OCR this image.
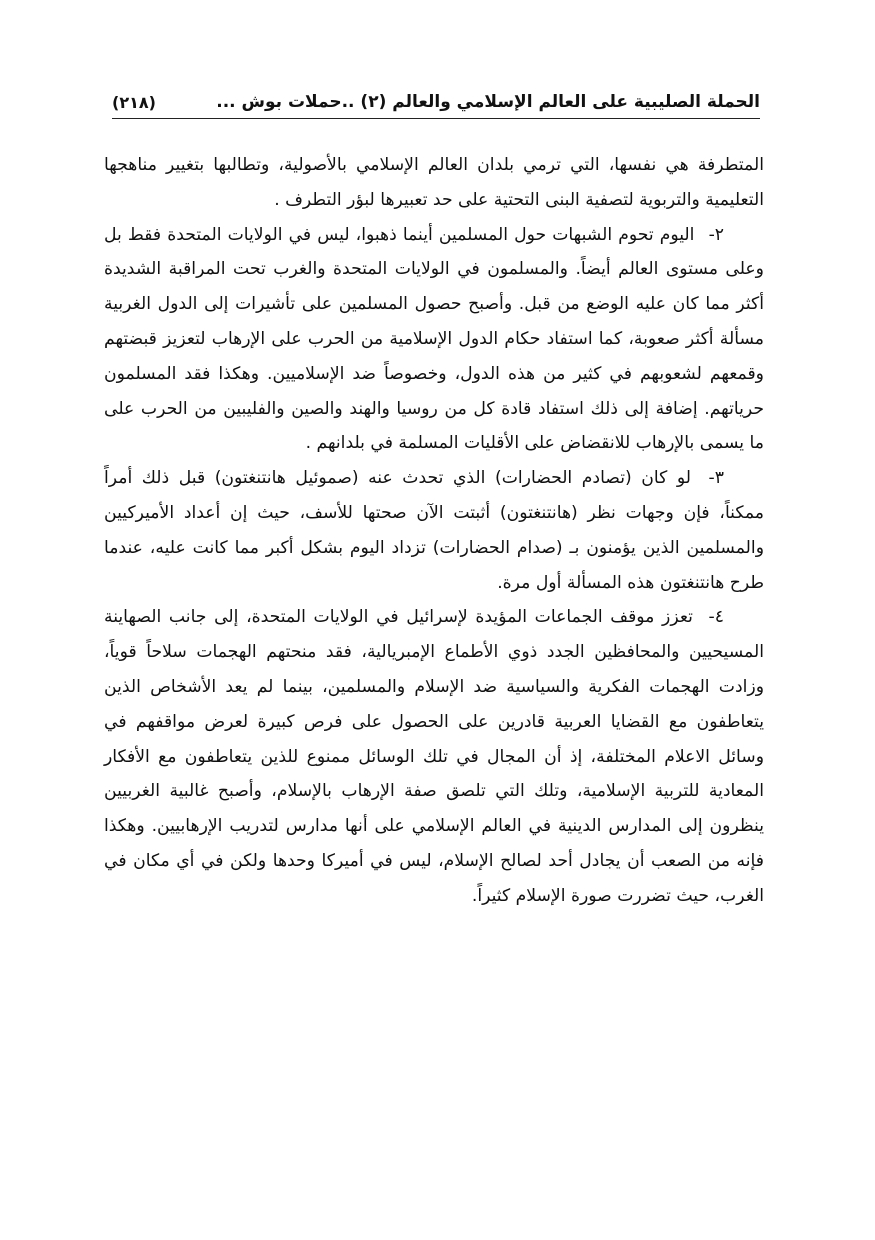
الحملة الصليبية على العالم الإسلامي والعالم (٢) ..حملات بوش ...
(٢١٨)

المتطرفة هي نفسها، التي ترمي بلدان العالم الإسلامي بالأصولية، وتطالبها بتغيير مناهجها التعليمية والتربوية لتصفية البنى التحتية على حد تعبيرها لبؤر التطرف .

٢- اليوم تحوم الشبهات حول المسلمين أينما ذهبوا، ليس في الولايات المتحدة فقط بل وعلى مستوى العالم أيضاً. والمسلمون في الولايات المتحدة والغرب تحت المراقبة الشديدة أكثر مما كان عليه الوضع من قبل. وأصبح حصول المسلمين على تأشيرات إلى الدول الغربية مسألة أكثر صعوبة، كما استفاد حكام الدول الإسلامية من الحرب على الإرهاب لتعزيز قبضتهم وقمعهم لشعوبهم في كثير من هذه الدول، وخصوصاً ضد الإسلاميين. وهكذا فقد المسلمون حرياتهم. إضافة إلى ذلك استفاد قادة كل من روسيا والهند والصين والفليبين من الحرب على ما يسمى بالإرهاب للانقضاض على الأقليات المسلمة في بلدانهم .

٣- لو كان (تصادم الحضارات) الذي تحدث عنه (صموئيل هانتنغتون) قبل ذلك أمراً ممكناً، فإن وجهات نظر (هانتنغتون) أثبتت الآن صحتها للأسف، حيث إن أعداد الأميركيين والمسلمين الذين يؤمنون بـ (صدام الحضارات) تزداد اليوم بشكل أكبر مما كانت عليه، عندما طرح هانتنغتون هذه المسألة أول مرة.

٤- تعزز موقف الجماعات المؤيدة لإسرائيل في الولايات المتحدة، إلى جانب الصهاينة المسيحيين والمحافظين الجدد ذوي الأطماع الإمبريالية، فقد منحتهم الهجمات سلاحاً قوياً، وزادت الهجمات الفكرية والسياسية ضد الإسلام والمسلمين، بينما لم يعد الأشخاص الذين يتعاطفون مع القضايا العربية قادرين على الحصول على فرص كبيرة لعرض مواقفهم في وسائل الاعلام المختلفة، إذ أن المجال في تلك الوسائل ممنوع للذين يتعاطفون مع الأفكار المعادية للتربية الإسلامية، وتلك التي تلصق صفة الإرهاب بالإسلام، وأصبح غالبية الغربيين ينظرون إلى المدارس الدينية في العالم الإسلامي على أنها مدارس لتدريب الإرهابيين. وهكذا فإنه من الصعب أن يجادل أحد لصالح الإسلام، ليس في أميركا وحدها ولكن في أي مكان في الغرب، حيث تضررت صورة الإسلام كثيراً.
